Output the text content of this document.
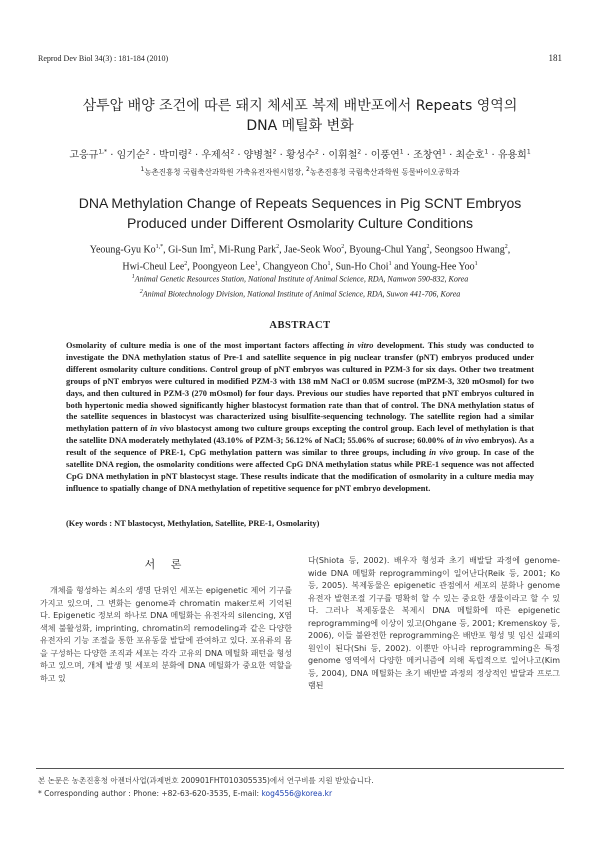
Reprod Dev Biol 34(3) : 181-184 (2010)	181
삼투압 배양 조건에 따른 돼지 체세포 복제 배반포에서 Repeats 영역의
DNA 메틸화 변화
고응규$^{1,*}$ · 임기순$^2$ · 박미령$^2$ · 우제석$^2$ · 양병철$^2$ · 황성수$^2$ · 이휘철$^2$ · 이풍연$^1$ · 조창연$^1$ · 최순호$^1$ · 유용희$^1$
$^1$농촌진흥청 국립축산과학원 가축유전자원시험장, $^2$농촌진흥청 국립축산과학원 동물바이오공학과
DNA Methylation Change of Repeats Sequences in Pig SCNT Embryos
Produced under Different Osmolarity Culture Conditions
Yeoung-Gyu $Ko^{1,*}$, Gi-Sun Im$^2$, Mi-Rung Park$^2$, Jae-Seok Woo$^2$, Byoung-Chul Yang$^2$, Seongsoo Hwang$^2$,
Hwi-Cheul Lee$^2$, Poongyeon Lee$^1$, Changyeon Cho$^1$, Sun-Ho Choi$^1$ and Young-Hee Yoo$^1$
$^1$Animal Genetic Resources Station, National Institute of Animal Science, RDA, Namwon 590-832, Korea
$^2$Animal Biotechnology Division, National Institute of Animal Science, RDA, Suwon 441-706, Korea
ABSTRACT

Osmolarity of culture media is one of the most important factors affecting in vitro development. This study was conducted to investigate the DNA methylation status of Pre-1 and satellite sequence in pig nuclear transfer (pNT) embryos produced under different osmolarity culture conditions. Control group of pNT embryos was cultured in PZM-3 for six days. Other two treatment groups of pNT embryos were cultured in modified PZM-3 with 138 mM NaCl or 0.05M sucrose (mPZM-3, 320 mOsmol) for two days, and then cultured in PZM-3 (270 mOsmol) for four days. Previous our studies have reported that pNT embryos cultured in both hypertonic media showed significantly higher blastocyst formation rate than that of control. The DNA methylation status of the satellite sequences in blastocyst was characterized using bisulfite-sequencing technology. The satellite region had a similar methylation pattern of in vivo blastocyst among two culture groups excepting the control group. Each level of methylation is that the satellite DNA moderately methylated (43.10% of PZM-3; 56.12% of NaCl; 55.06% of sucrose; 60.00% of in vivo embryos). As a result of the sequence of PRE-1, CpG methylation pattern was similar to three groups, including in vivo group. In case of the satellite DNA region, the osmolarity conditions were affected CpG DNA methylation status while PRE-1 sequence was not affected CpG DNA methylation in pNT blastocyst stage. These results indicate that the modification of osmolarity in a culture media may influence to spatially change of DNA methylation of repetitive sequence for pNT embryo development.

(Key words : NT blastocyst, Methylation, Satellite, PRE-1, Osmolarity)
서 론

개체를 형성하는 최소의 생명 단위인 세포는 epigenetic 제어 기구를 가지고 있으며, 그 변화는 genome과 chromatin maker로써 기억된다. Epigenetic 정보의 하나로 DNA 메틸화는 유전자의 silencing, X염색체 불활성화, imprinting, chromatin의 remodeling과 같은 다양한 유전자의 기능 조절을 통한 포유동물 발달에 관여하고 있다. 포유류의 몸을 구성하는 다양한 조직과 세포는 각각 고유의 DNA 메틸화 패턴을 형성하고 있으며, 개체 발생 및 세포의 분화에 DNA 메틸화가 중요한 역할을 하고 있

다(Shiota 등, 2002). 배우자 형성과 초기 배발달 과정에 genome-wide DNA 메틸화 reprogramming이 일어난다(Reik 등, 2001; Ko 등, 2005). 복제동물은 epigenetic 관점에서 세포의 분화나 genome 유전자 발현조절 기구를 명확히 할 수 있는 중요한 생물이라고 할 수 있다. 그러나 복제동물은 복제시 DNA 메틸화에 따른 epigenetic reprogramming에 이상이 있고(Ohgane 등, 2001; Kremenskoy 등, 2006), 이들 불완전한 reprogramming은 배반포 형성 및 임신 실패의 원인이 된다(Shi 등, 2002). 이뿐만 아니라 reprogramming은 특정 genome 영역에서 다양한 메커니즘에 의해 독립적으로 일어나고(Kim 등, 2004), DNA 메틸화는 초기 배반발 과정의 정상적인 발달과 프로그램된

본 논문은 농촌진흥청 아젠더사업(과제번호 200901FHT010305535)에서 연구비를 지원 받았습니다.
* Corresponding author : Phone: +82-63-620-3535, E-mail: kog4556@korea.kr
